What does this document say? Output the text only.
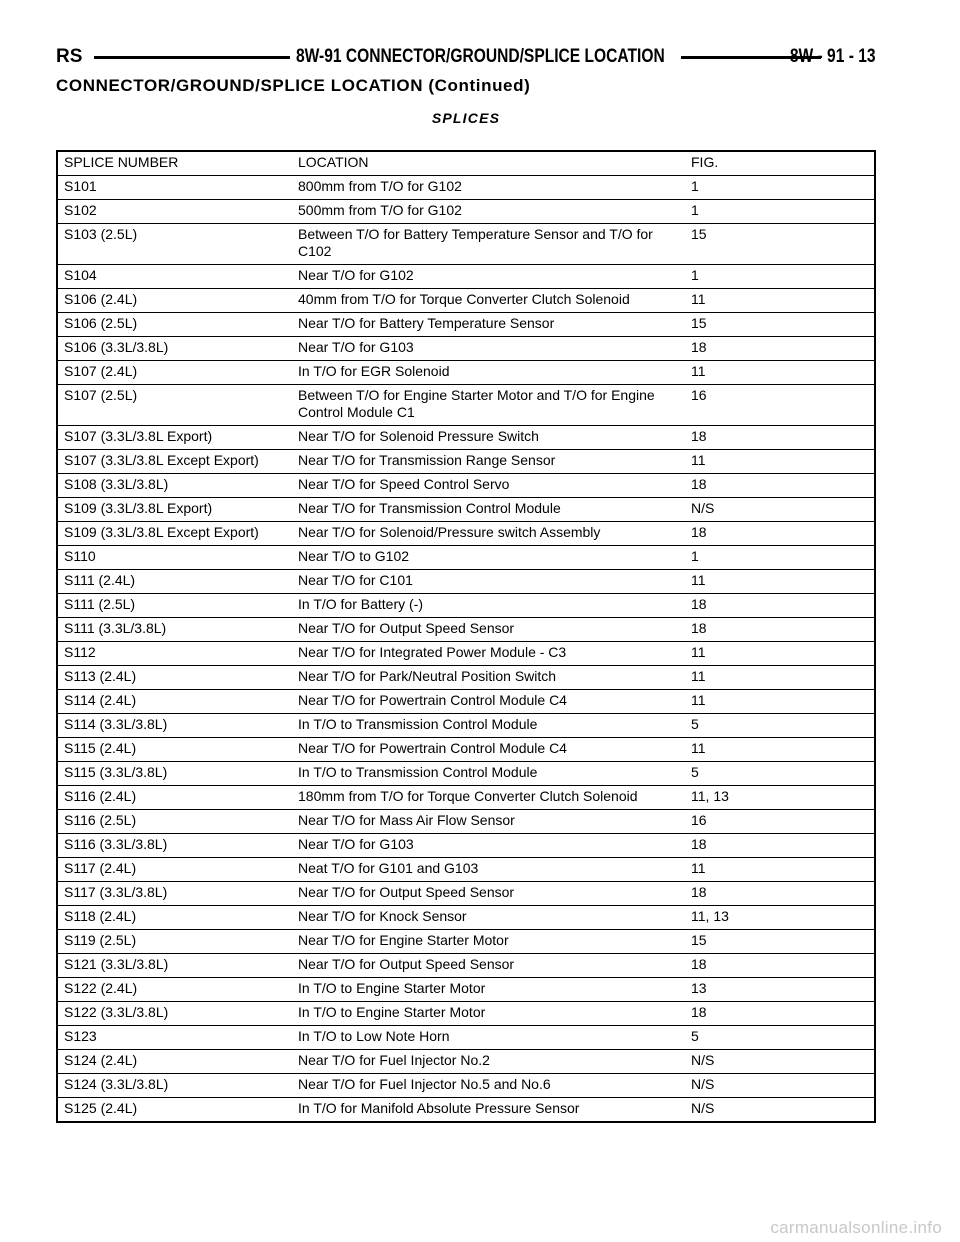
RS	8W-91 CONNECTOR/GROUND/SPLICE LOCATION	8W - 91 - 13
CONNECTOR/GROUND/SPLICE LOCATION (Continued)
SPLICES
SPLICE NUMBER	LOCATION	FIG.
S101	800mm from T/O for G102	1
S102	500mm from T/O for G102	1
S103 (2.5L)	Between T/O for Battery Temperature Sensor and T/O for C102	15
S104	Near T/O for G102	1
S106 (2.4L)	40mm from T/O for Torque Converter Clutch Solenoid	11
S106 (2.5L)	Near T/O for Battery Temperature Sensor	15
S106 (3.3L/3.8L)	Near T/O for G103	18
S107 (2.4L)	In T/O for EGR Solenoid	11
S107 (2.5L)	Between T/O for Engine Starter Motor and T/O for Engine Control Module C1	16
S107 (3.3L/3.8L Export)	Near T/O for Solenoid Pressure Switch	18
S107 (3.3L/3.8L Except Export)	Near T/O for Transmission Range Sensor	11
S108 (3.3L/3.8L)	Near T/O for Speed Control Servo	18
S109 (3.3L/3.8L Export)	Near T/O for Transmission Control Module	N/S
S109 (3.3L/3.8L Except Export)	Near T/O for Solenoid/Pressure switch Assembly	18
S110	Near T/O to G102	1
S111 (2.4L)	Near T/O for C101	11
S111 (2.5L)	In T/O for Battery (-)	18
S111 (3.3L/3.8L)	Near T/O for Output Speed Sensor	18
S112	Near T/O for Integrated Power Module - C3	11
S113 (2.4L)	Near T/O for Park/Neutral Position Switch	11
S114 (2.4L)	Near T/O for Powertrain Control Module C4	11
S114 (3.3L/3.8L)	In T/O to Transmission Control Module	5
S115 (2.4L)	Near T/O for Powertrain Control Module C4	11
S115 (3.3L/3.8L)	In T/O to Transmission Control Module	5
S116 (2.4L)	180mm from T/O for Torque Converter Clutch Solenoid	11, 13
S116 (2.5L)	Near T/O for Mass Air Flow Sensor	16
S116 (3.3L/3.8L)	Near T/O for G103	18
S117 (2.4L)	Neat T/O for G101 and G103	11
S117 (3.3L/3.8L)	Near T/O for Output Speed Sensor	18
S118 (2.4L)	Near T/O for Knock Sensor	11, 13
S119 (2.5L)	Near T/O for Engine Starter Motor	15
S121 (3.3L/3.8L)	Near T/O for Output Speed Sensor	18
S122 (2.4L)	In T/O to Engine Starter Motor	13
S122 (3.3L/3.8L)	In T/O to Engine Starter Motor	18
S123	In T/O to Low Note Horn	5
S124 (2.4L)	Near T/O for Fuel Injector No.2	N/S
S124 (3.3L/3.8L)	Near T/O for Fuel Injector No.5 and No.6	N/S
S125 (2.4L)	In T/O for Manifold Absolute Pressure Sensor	N/S
carmanualsonline.info
